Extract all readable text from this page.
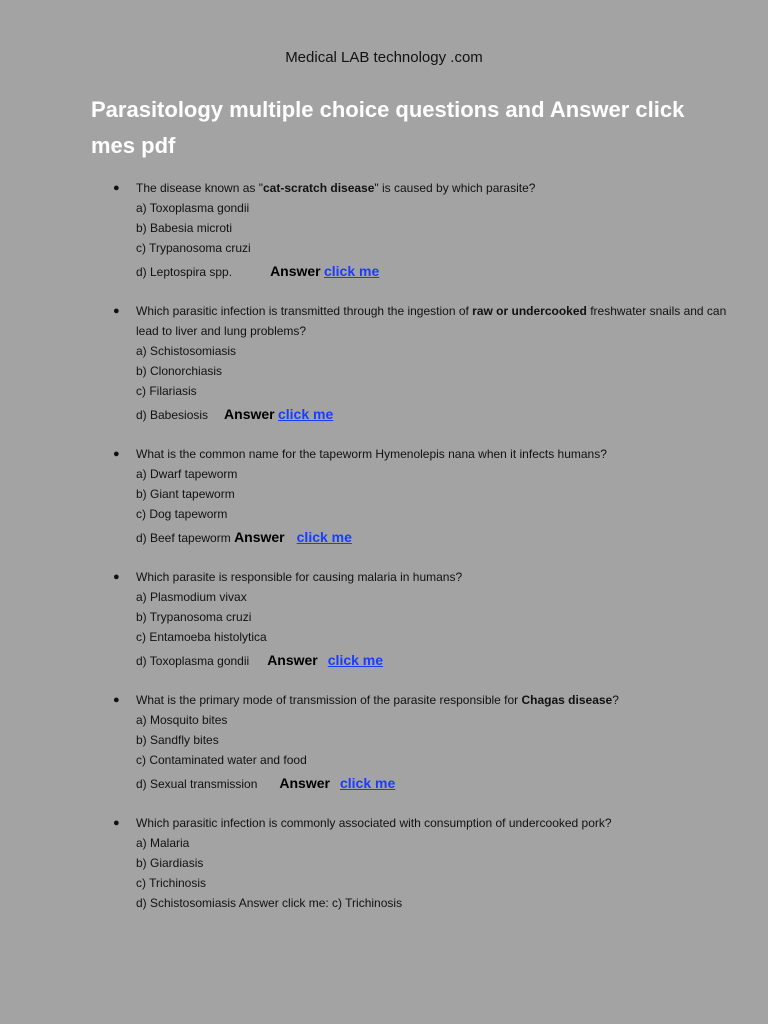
Medical LAB technology .com
Parasitology multiple choice questions and Answer click mes pdf
● The disease known as "cat-scratch disease" is caused by which parasite?
a) Toxoplasma gondii
b) Babesia microti
c) Trypanosoma cruzi
d) Leptospira spp.	Answer click me
● Which parasitic infection is transmitted through the ingestion of raw or undercooked freshwater snails and can lead to liver and lung problems?
a) Schistosomiasis
b) Clonorchiasis
c) Filariasis
d) Babesiosis Answer click me
● What is the common name for the tapeworm Hymenolepis nana when it infects humans?
a) Dwarf tapeworm
b) Giant tapeworm
c) Dog tapeworm
d) Beef tapeworm Answer click me
● Which parasite is responsible for causing malaria in humans?
a) Plasmodium vivax
b) Trypanosoma cruzi
c) Entamoeba histolytica
d) Toxoplasma gondii Answer click me
● What is the primary mode of transmission of the parasite responsible for Chagas disease?
a) Mosquito bites
b) Sandfly bites
c) Contaminated water and food
d) Sexual transmission Answer click me
● Which parasitic infection is commonly associated with consumption of undercooked pork?
a) Malaria
b) Giardiasis
c) Trichinosis
d) Schistosomiasis Answer click me: c) Trichinosis
